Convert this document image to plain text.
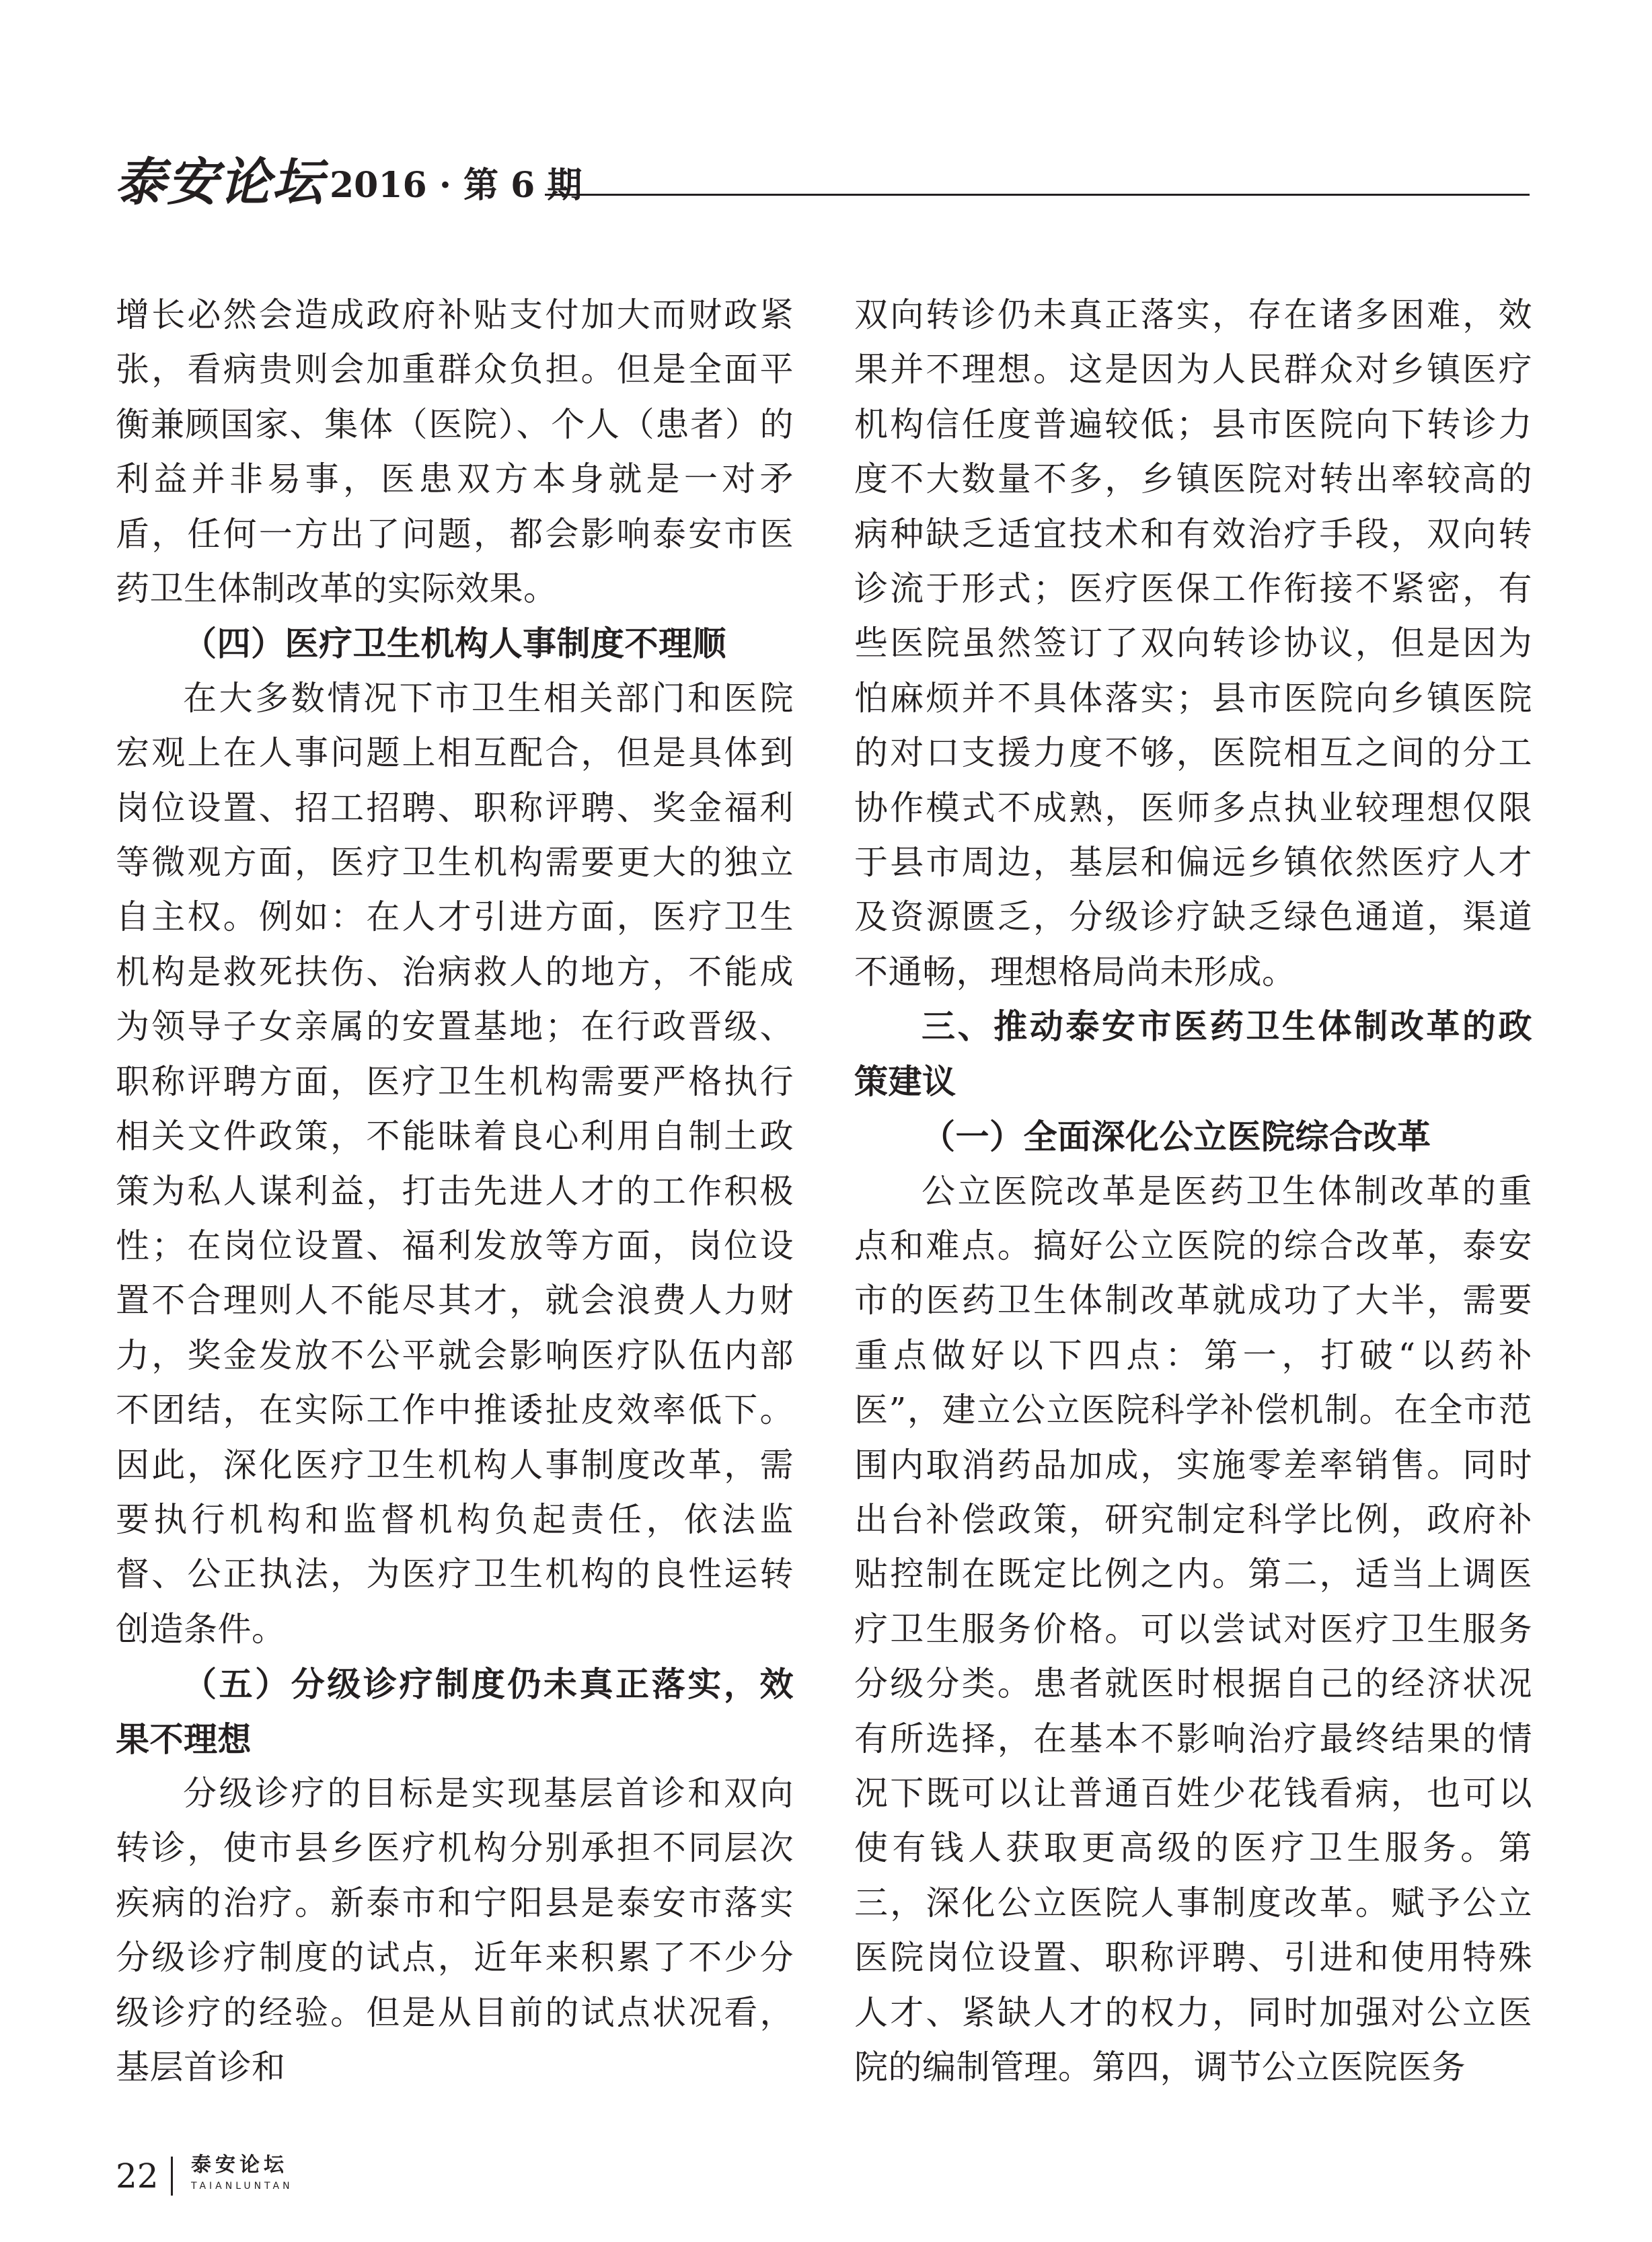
泰安论坛 2016 · 第 6 期

增长必然会造成政府补贴支付加大而财政紧张，看病贵则会加重群众负担。但是全面平衡兼顾国家、集体（医院）、个人（患者）的利益并非易事，医患双方本身就是一对矛盾，任何一方出了问题，都会影响泰安市医药卫生体制改革的实际效果。

（四）医疗卫生机构人事制度不理顺

在大多数情况下市卫生相关部门和医院宏观上在人事问题上相互配合，但是具体到岗位设置、招工招聘、职称评聘、奖金福利等微观方面，医疗卫生机构需要更大的独立自主权。例如：在人才引进方面，医疗卫生机构是救死扶伤、治病救人的地方，不能成为领导子女亲属的安置基地；在行政晋级、职称评聘方面，医疗卫生机构需要严格执行相关文件政策，不能昧着良心利用自制土政策为私人谋利益，打击先进人才的工作积极性；在岗位设置、福利发放等方面，岗位设置不合理则人不能尽其才，就会浪费人力财力，奖金发放不公平就会影响医疗队伍内部不团结，在实际工作中推诿扯皮效率低下。因此，深化医疗卫生机构人事制度改革，需要执行机构和监督机构负起责任，依法监督、公正执法，为医疗卫生机构的良性运转创造条件。

（五）分级诊疗制度仍未真正落实，效果不理想

分级诊疗的目标是实现基层首诊和双向转诊，使市县乡医疗机构分别承担不同层次疾病的治疗。新泰市和宁阳县是泰安市落实分级诊疗制度的试点，近年来积累了不少分级诊疗的经验。但是从目前的试点状况看，基层首诊和

双向转诊仍未真正落实，存在诸多困难，效果并不理想。这是因为人民群众对乡镇医疗机构信任度普遍较低；县市医院向下转诊力度不大数量不多，乡镇医院对转出率较高的病种缺乏适宜技术和有效治疗手段，双向转诊流于形式；医疗医保工作衔接不紧密，有些医院虽然签订了双向转诊协议，但是因为怕麻烦并不具体落实；县市医院向乡镇医院的对口支援力度不够，医院相互之间的分工协作模式不成熟，医师多点执业较理想仅限于县市周边，基层和偏远乡镇依然医疗人才及资源匮乏，分级诊疗缺乏绿色通道，渠道不通畅，理想格局尚未形成。

三、推动泰安市医药卫生体制改革的政策建议

（一）全面深化公立医院综合改革

公立医院改革是医药卫生体制改革的重点和难点。搞好公立医院的综合改革，泰安市的医药卫生体制改革就成功了大半，需要重点做好以下四点：第一，打破“以药补医”，建立公立医院科学补偿机制。在全市范围内取消药品加成，实施零差率销售。同时出台补偿政策，研究制定科学比例，政府补贴控制在既定比例之内。第二，适当上调医疗卫生服务价格。可以尝试对医疗卫生服务分级分类。患者就医时根据自己的经济状况有所选择，在基本不影响治疗最终结果的情况下既可以让普通百姓少花钱看病，也可以使有钱人获取更高级的医疗卫生服务。第三，深化公立医院人事制度改革。赋予公立医院岗位设置、职称评聘、引进和使用特殊人才、紧缺人才的权力，同时加强对公立医院的编制管理。第四，调节公立医院医务

22 泰安论坛
TAIANLUNTAN
